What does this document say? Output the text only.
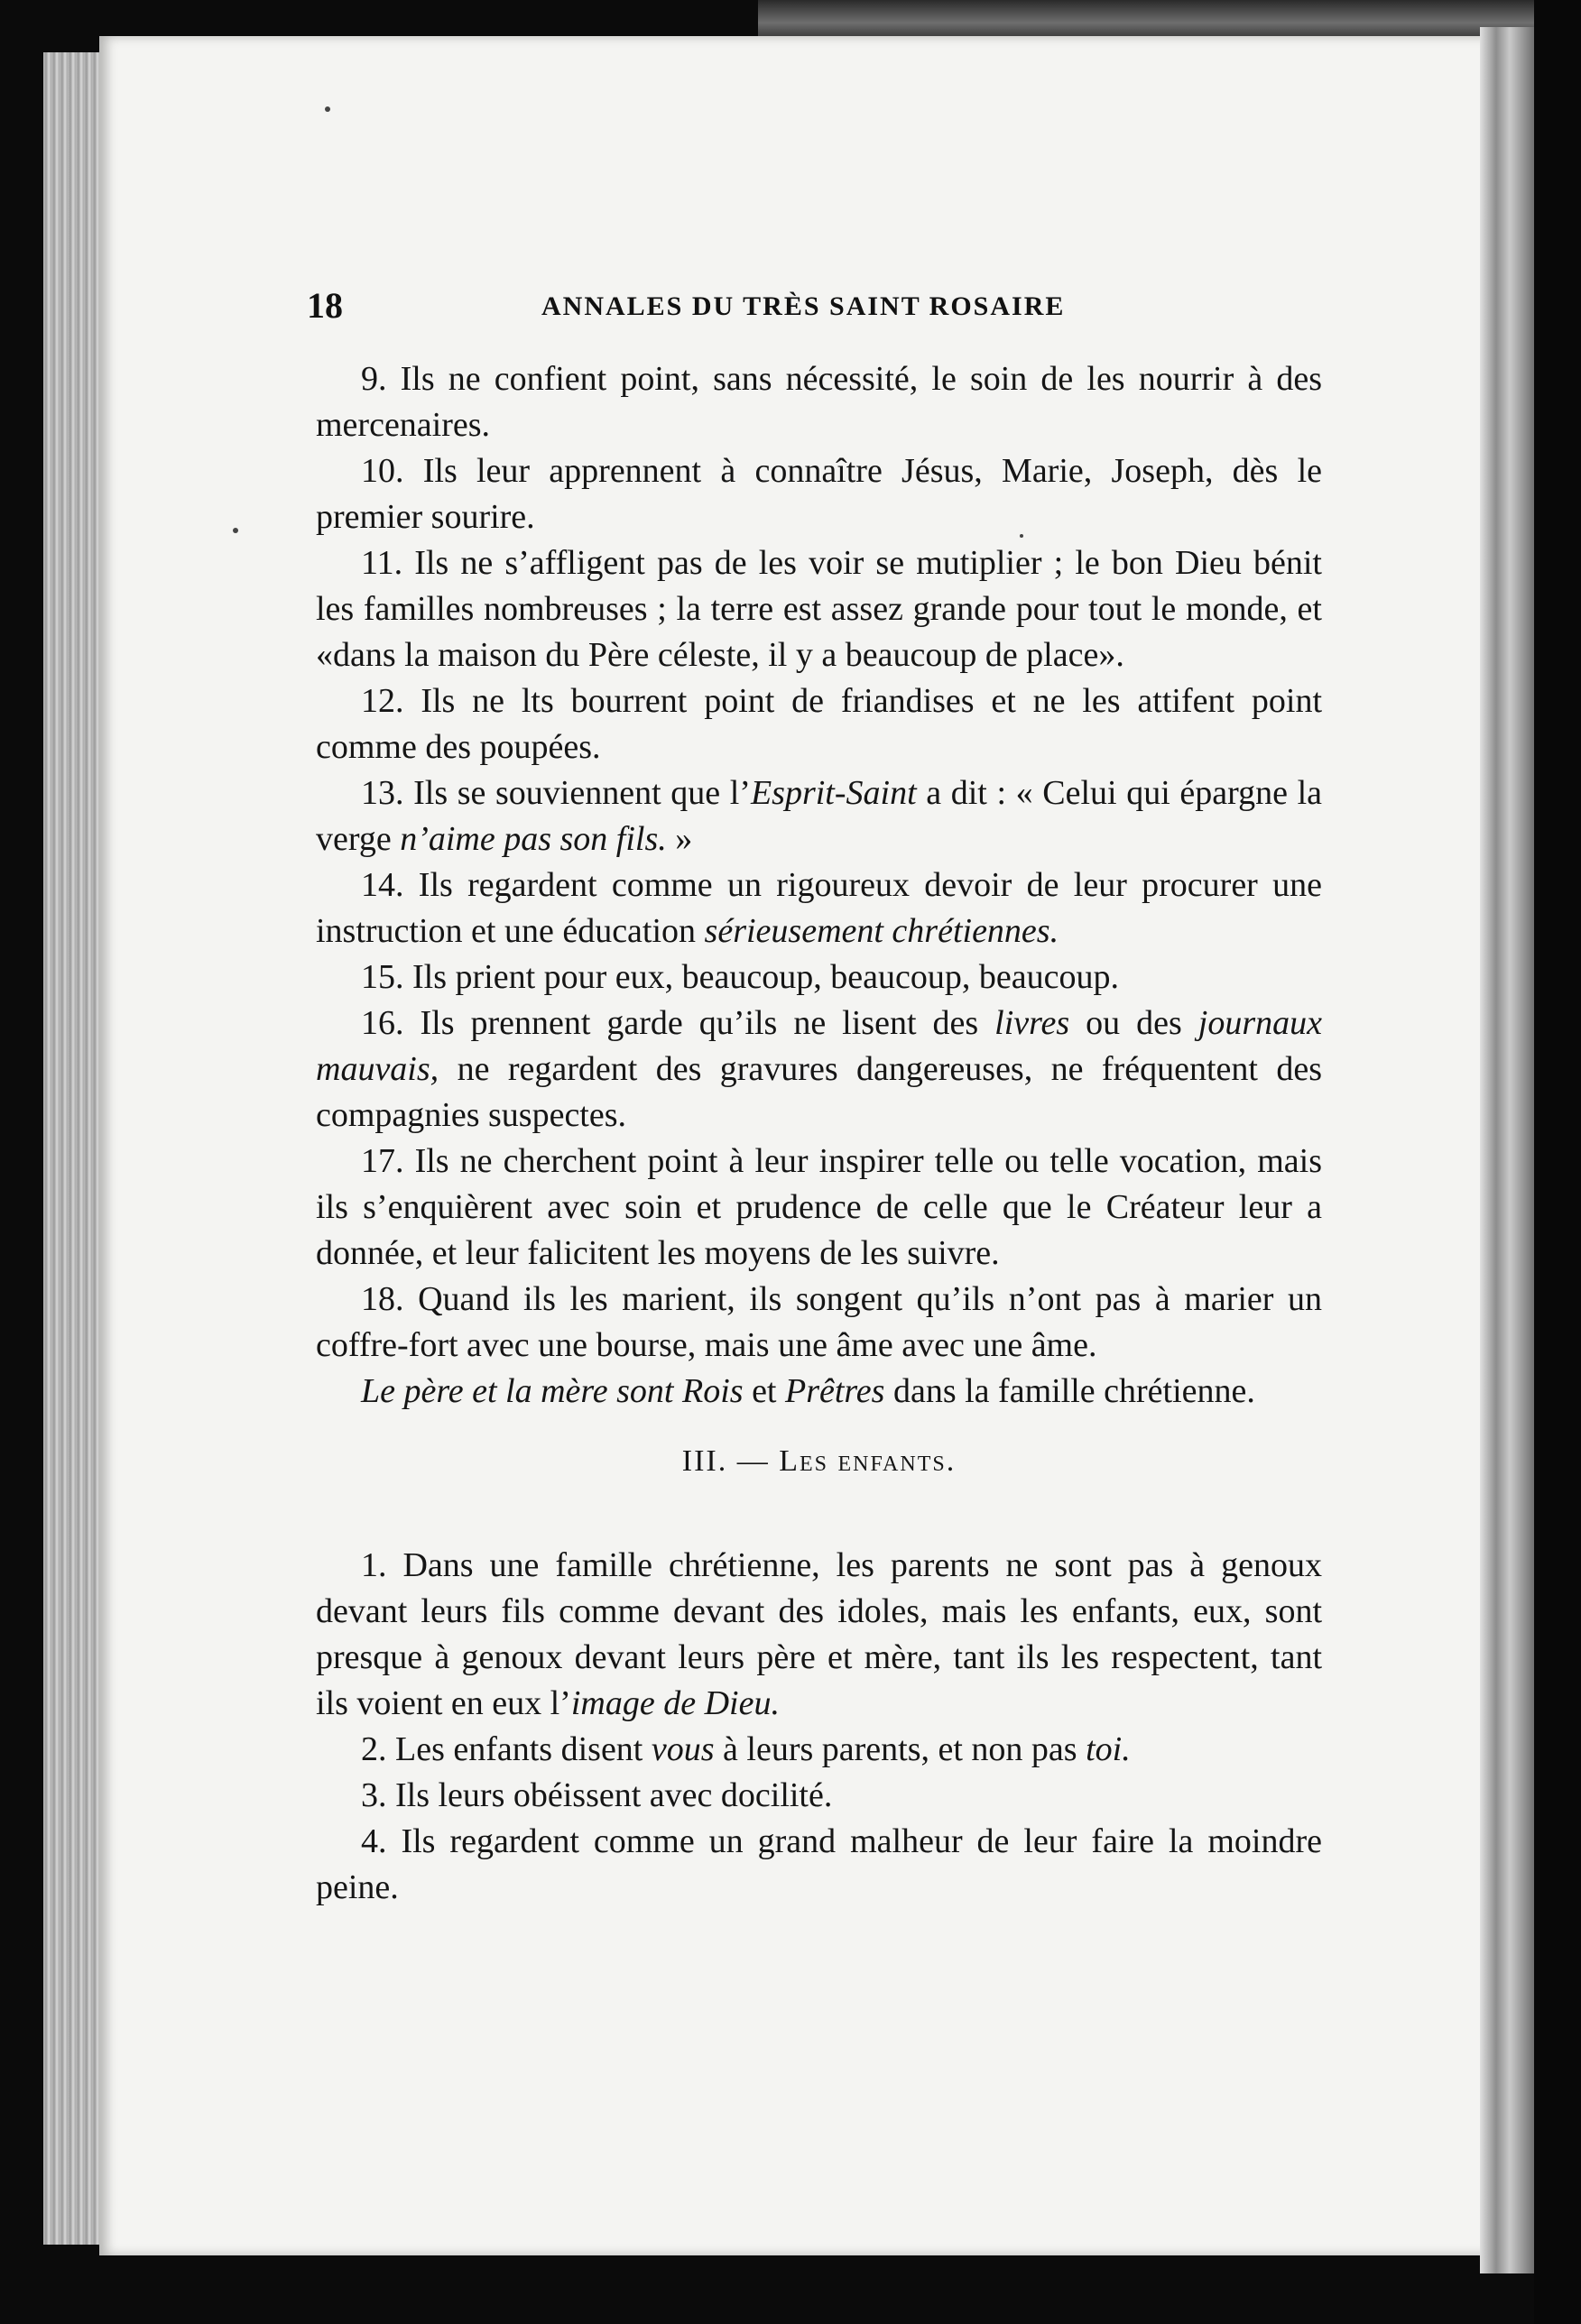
18	ANNALES DU TRÈS SAINT ROSAIRE

9. Ils ne confient point, sans nécessité, le soin de les nourrir à des mercenaires.

10. Ils leur apprennent à connaître Jésus, Marie, Joseph, dès le premier sourire.

11. Ils ne s’affligent pas de les voir se mutiplier ; le bon Dieu bénit les familles nombreuses ; la terre est assez grande pour tout le monde, et «dans la maison du Père céleste, il y a beaucoup de place».

12. Ils ne lts bourrent point de friandises et ne les attifent point comme des poupées.

13. Ils se souviennent que l’Esprit-Saint a dit : « Celui qui épargne la verge n’aime pas son fils. »

14. Ils regardent comme un rigoureux devoir de leur procurer une instruction et une éducation sérieusement chrétiennes.

15. Ils prient pour eux, beaucoup, beaucoup, beaucoup.

16. Ils prennent garde qu’ils ne lisent des livres ou des journaux mauvais, ne regardent des gravures dangereuses, ne fréquentent des compagnies suspectes.

17. Ils ne cherchent point à leur inspirer telle ou telle vocation, mais ils s’enquièrent avec soin et prudence de celle que le Créateur leur a donnée, et leur falicitent les moyens de les suivre.

18. Quand ils les marient, ils songent qu’ils n’ont pas à marier un coffre-fort avec une bourse, mais une âme avec une âme.

Le père et la mère sont Rois et Prêtres dans la famille chrétienne.

III. — Les enfants.

1. Dans une famille chrétienne, les parents ne sont pas à genoux devant leurs fils comme devant des idoles, mais les enfants, eux, sont presque à genoux devant leurs père et mère, tant ils les respectent, tant ils voient en eux l’image de Dieu.

2. Les enfants disent vous à leurs parents, et non pas toi.

3. Ils leurs obéissent avec docilité.

4. Ils regardent comme un grand malheur de leur faire la moindre peine.
